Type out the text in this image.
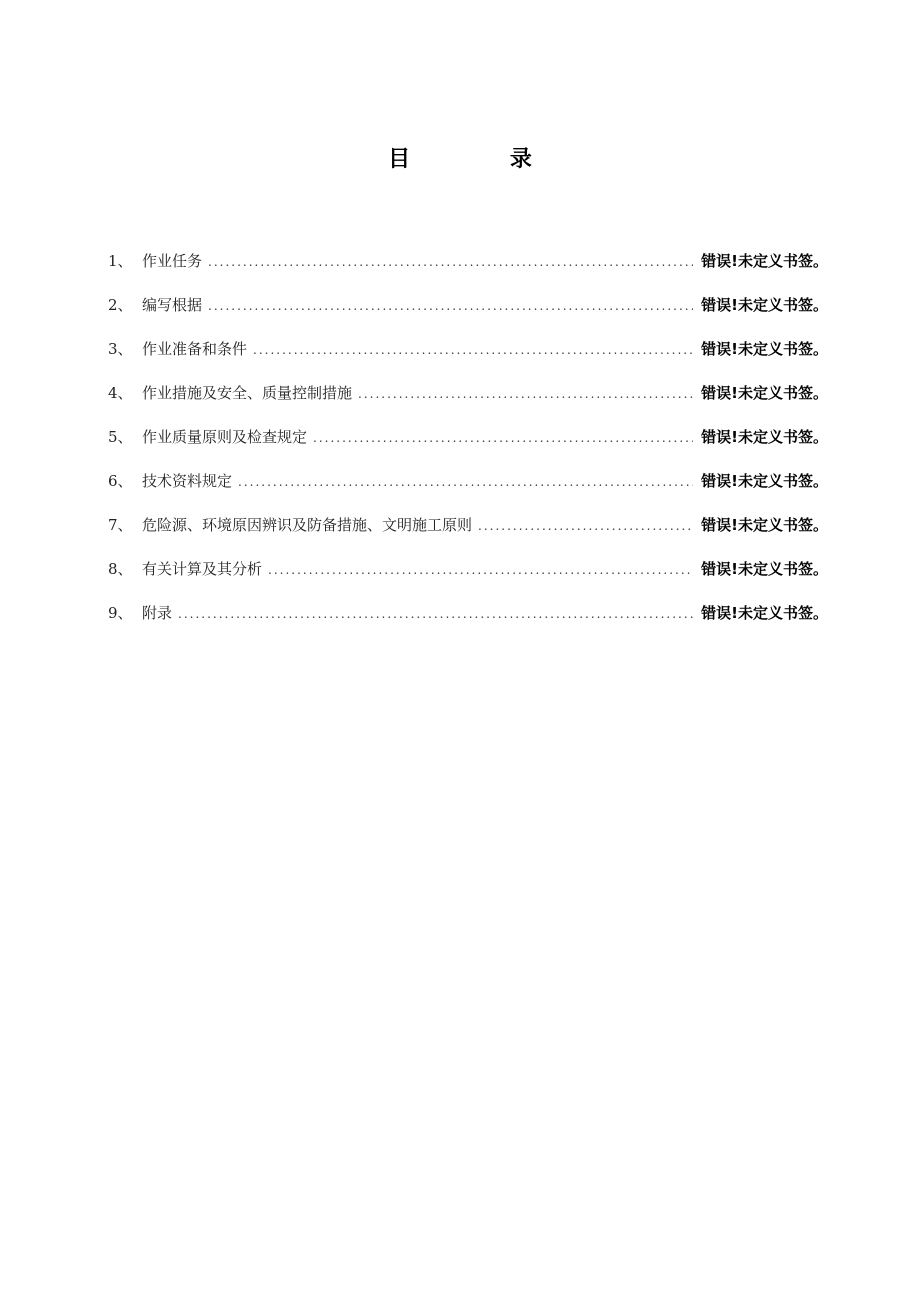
目 录
1、 作业任务 .....	错误!未定义书签。
2、 编写根据 .....	错误!未定义书签。
3、 作业准备和条件 .....	错误!未定义书签。
4、 作业措施及安全、质量控制措施 .....	错误!未定义书签。
5、 作业质量原则及检查规定 .....	错误!未定义书签。
6、 技术资料规定 .....	错误!未定义书签。
7、 危险源、环境原因辨识及防备措施、文明施工原则 .....	错误!未定义书签。
8、 有关计算及其分析 .....	错误!未定义书签。
9、 附录 .....	错误!未定义书签。
